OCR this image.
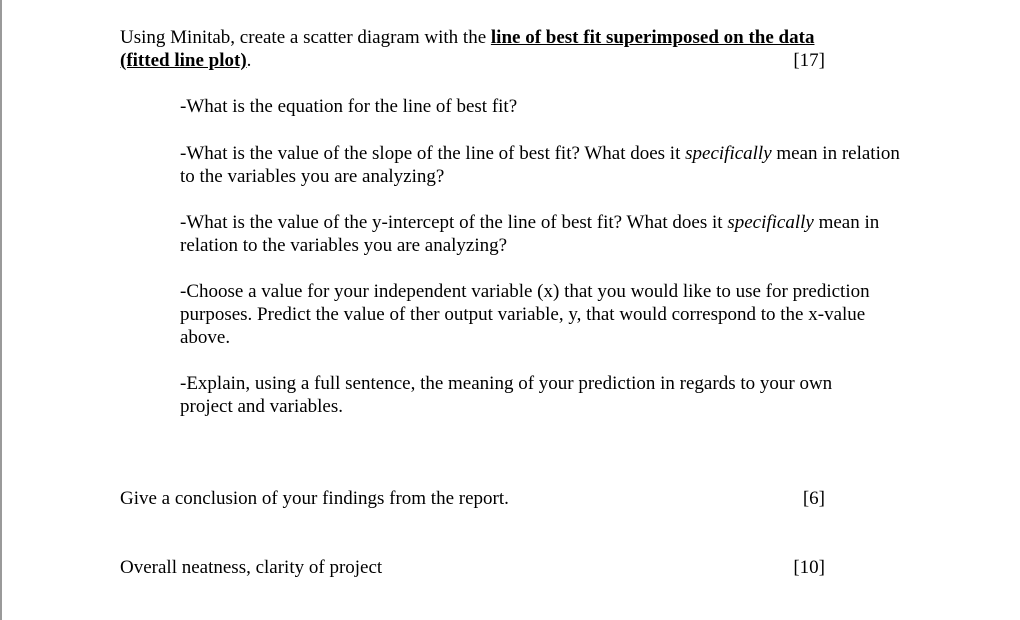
Using Minitab, create a scatter diagram with the line of best fit superimposed on the data
(fitted line plot).	[17]
-What is the equation for the line of best fit?
-What is the value of the slope of the line of best fit? What does it specifically mean in relation to the variables you are analyzing?
-What is the value of the y-intercept of the line of best fit? What does it specifically mean in relation to the variables you are analyzing?
-Choose a value for your independent variable (x) that you would like to use for prediction purposes. Predict the value of ther output variable, y, that would correspond to the x-value above.
-Explain, using a full sentence, the meaning of your prediction in regards to your own project and variables.
Give a conclusion of your findings from the report.	[6]
Overall neatness, clarity of project	[10]
